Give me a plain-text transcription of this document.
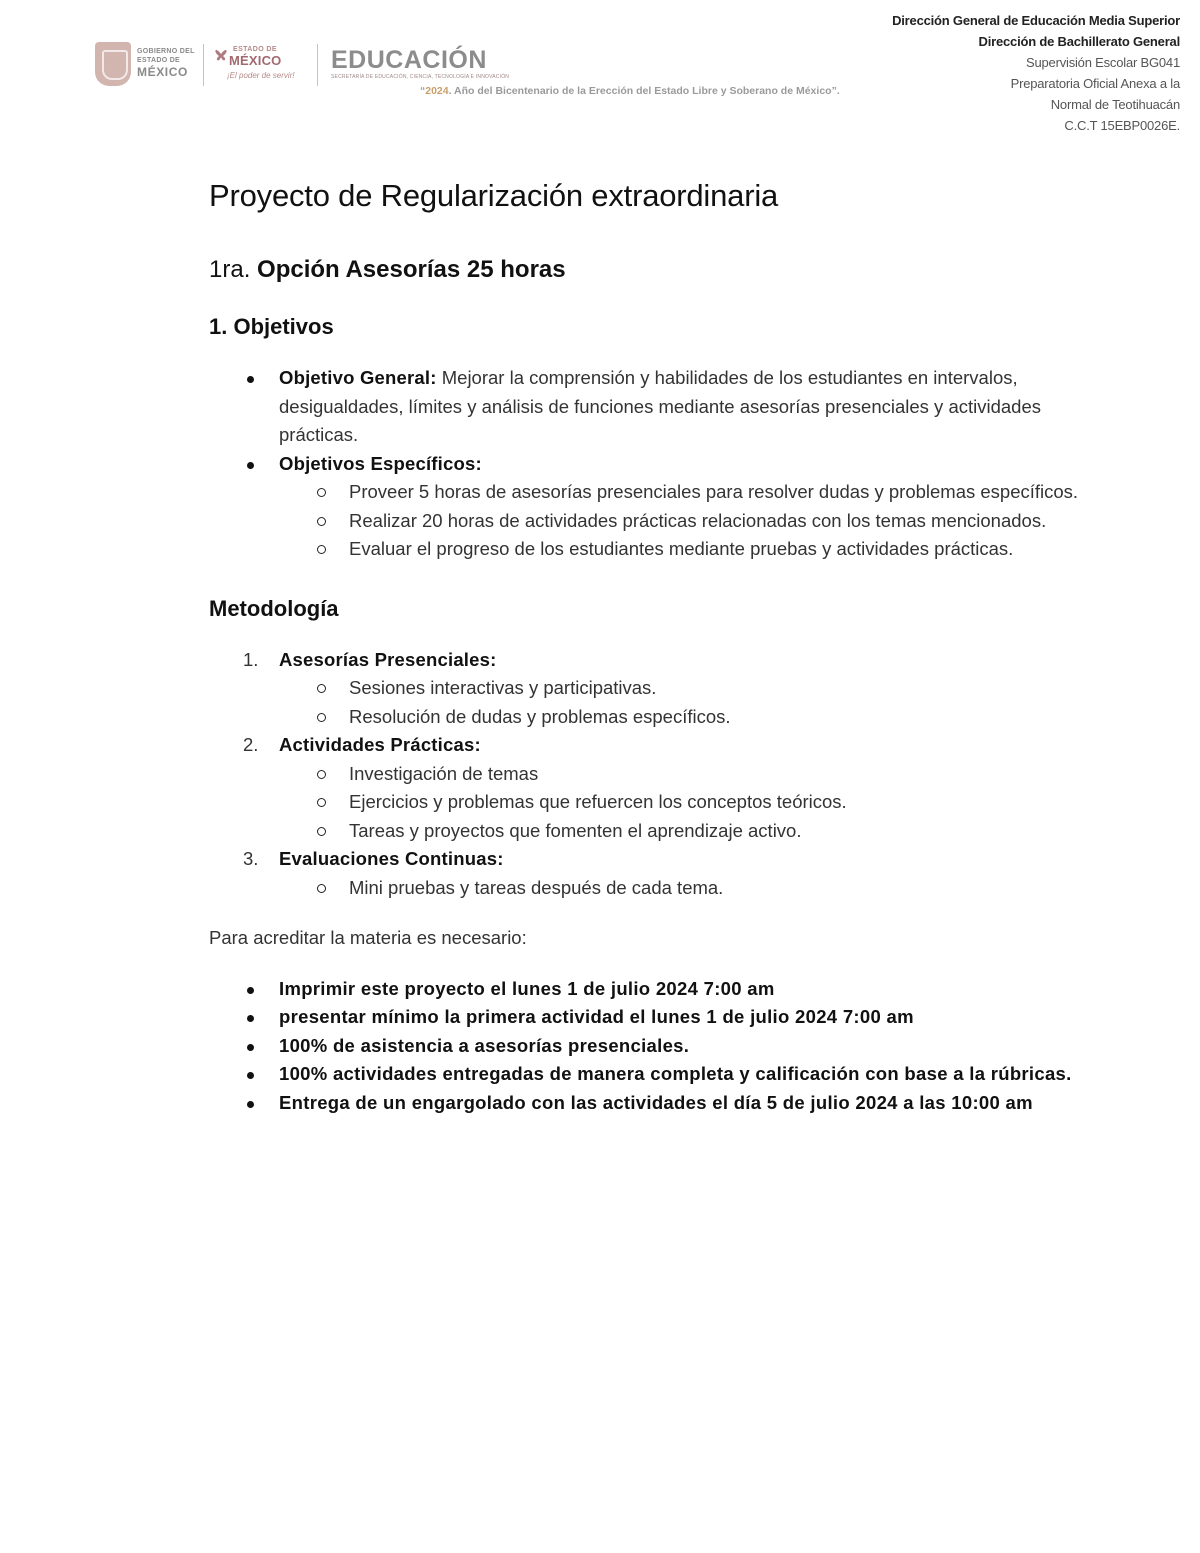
GOBIERNO DEL
ESTADO DE
MÉXICO
ESTADO DE
MÉXICO
¡El poder de servir!
EDUCACIÓN
SECRETARÍA DE EDUCACIÓN, CIENCIA, TECNOLOGÍA E INNOVACIÓN
“2024. Año del Bicentenario de la Erección del Estado Libre y Soberano de México”.
Dirección General de Educación Media Superior
Dirección de Bachillerato General
Supervisión Escolar BG041
Preparatoria Oficial Anexa a la
Normal de Teotihuacán
C.C.T 15EBP0026E.
Proyecto de Regularización extraordinaria
1ra. Opción Asesorías 25 horas
1. Objetivos
Objetivo General: Mejorar la comprensión y habilidades de los estudiantes en intervalos, desigualdades, límites y análisis de funciones mediante asesorías presenciales y actividades prácticas.
Objetivos Específicos:
Proveer 5 horas de asesorías presenciales para resolver dudas y problemas específicos.
Realizar 20 horas de actividades prácticas relacionadas con los temas mencionados.
Evaluar el progreso de los estudiantes mediante pruebas y actividades prácticas.
Metodología
1. Asesorías Presenciales:
Sesiones interactivas y participativas.
Resolución de dudas y problemas específicos.
2. Actividades Prácticas:
Investigación de temas
Ejercicios y problemas que refuercen los conceptos teóricos.
Tareas y proyectos que fomenten el aprendizaje activo.
3. Evaluaciones Continuas:
Mini pruebas y tareas después de cada tema.
Para acreditar la materia es necesario:
Imprimir este proyecto el lunes 1 de julio 2024 7:00 am
presentar mínimo la primera actividad el lunes 1 de julio 2024 7:00 am
100% de asistencia a asesorías presenciales.
100% actividades entregadas de manera completa y calificación con base a la rúbricas.
Entrega de un engargolado con las actividades el día 5 de julio 2024 a las 10:00 am
